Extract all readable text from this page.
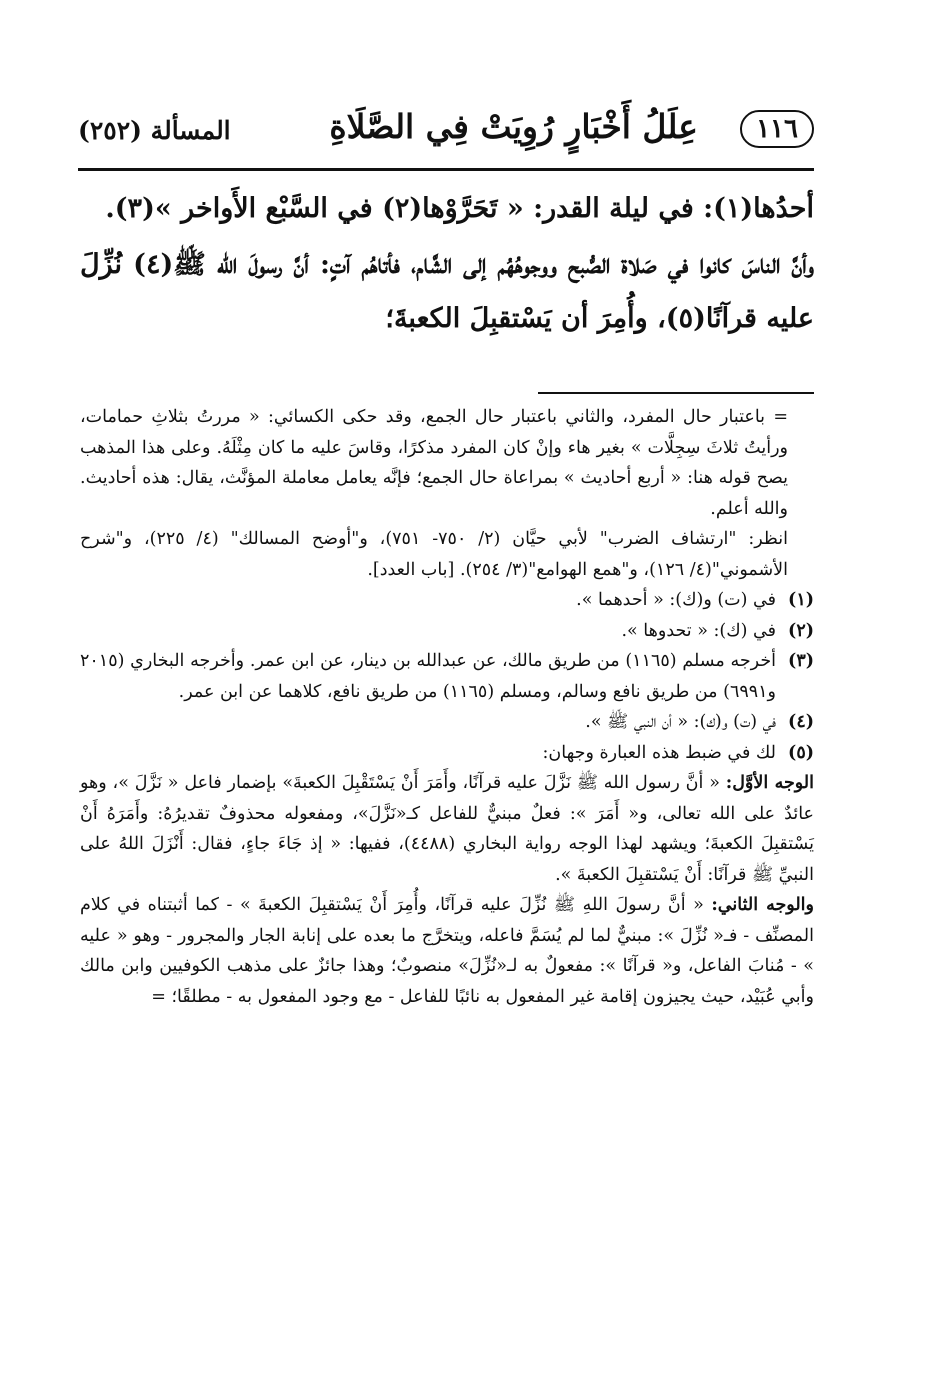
١١٦
عِلَلُ أَخْبَارٍ رُوِيَتْ فِي الصَّلَاةِ
المسألة (٢٥٢)

أحدُها(١): في ليلة القدر: « تَحَرَّوْها(٢) في السَّبْع الأَواخر »(٣).

وأنَّ الناسَ كانوا في صَلاة الصُّبح ووجوهُهُم إلى الشَّام، فأتاهُم آتٍ: أنَّ رسولَ الله ﷺ(٤) نُزِّلَ عليه قرآنًا(٥)، وأُمِرَ أن يَسْتقبِلَ الكعبةَ؛

= باعتبار حال المفرد، والثاني باعتبار حال الجمع، وقد حكى الكسائي: « مررتُ بثلاثِ حمامات، ورأيتُ ثلاثَ سِجِلَّات » بغير هاء وإنْ كان المفرد مذكرًا، وقاسَ عليه ما كان مِثْلَهُ. وعلى هذا المذهب يصح قوله هنا: « أربع أحاديث » بمراعاة حال الجمع؛ فإنَّه يعامل معاملة المؤنَّث، يقال: هذه أحاديث. والله أعلم.

انظر: "ارتشاف الضرب" لأبي حيَّان (٢/ ٧٥٠- ٧٥١)، و"أوضح المسالك" (٤/ ٢٢٥)، و"شرح الأشموني"(٤/ ١٢٦)، و"همع الهوامع"(٣/ ٢٥٤). [باب العدد].

(١)
في (ت) و(ك): « أحدهما ».
(٢)
في (ك): « تحدوها ».
(٣)
أخرجه مسلم (١١٦٥) من طريق مالك، عن عبدالله بن دينار، عن ابن عمر. وأخرجه البخاري (٢٠١٥ و٦٩٩١) من طريق نافع وسالم، ومسلم (١١٦٥) من طريق نافع، كلاهما عن ابن عمر.
(٤)
في (ت) و(ك): « أن النبي ﷺ ».
(٥)
لك في ضبط هذه العبارة وجهان:

الوجه الأوَّل: « أنَّ رسول الله ﷺ نَزَّلَ عليه قرآنًا، وأَمَرَ أَنْ يَسْتَقْبِلَ الكعبةَ» بإضمار فاعل « نَزَّلَ »، وهو عائدٌ على الله تعالى، و« أَمَرَ »: فعلٌ مبنيٌّ للفاعل كـ«نَزَّلَ»، ومفعوله محذوفٌ تقديرُهُ: وأَمَرَهُ أَنْ يَسْتقبِلَ الكعبةَ؛ ويشهد لهذا الوجه رواية البخاري (٤٤٨٨)، ففيها: « إذ جَاءَ جاءٍ، فقال: أَنْزَلَ اللهُ على النبيِّ ﷺ قرآنًا: أَنْ يَسْتقبِلَ الكعبةَ ».

والوجه الثاني: « أنَّ رسولَ اللهِ ﷺ نُزِّلَ عليه قرآنًا، وأُمِرَ أَنْ يَسْتقبِلَ الكعبةَ » - كما أثبتناه في كلام المصنِّف - فـ« نُزِّلَ »: مبنيٌّ لما لم يُسَمَّ فاعله، ويتخرَّج ما بعده على إنابة الجار والمجرور - وهو « عليه » - مُنابَ الفاعل، و« قرآنًا »: مفعولٌ به لـ«نُزِّلَ» منصوبٌ؛ وهذا جائزٌ على مذهب الكوفيين وابن مالك وأبي عُبَيْد، حيث يجيزون إقامة غير المفعول به نائبًا للفاعل - مع وجود المفعول به - مطلقًا؛ =
